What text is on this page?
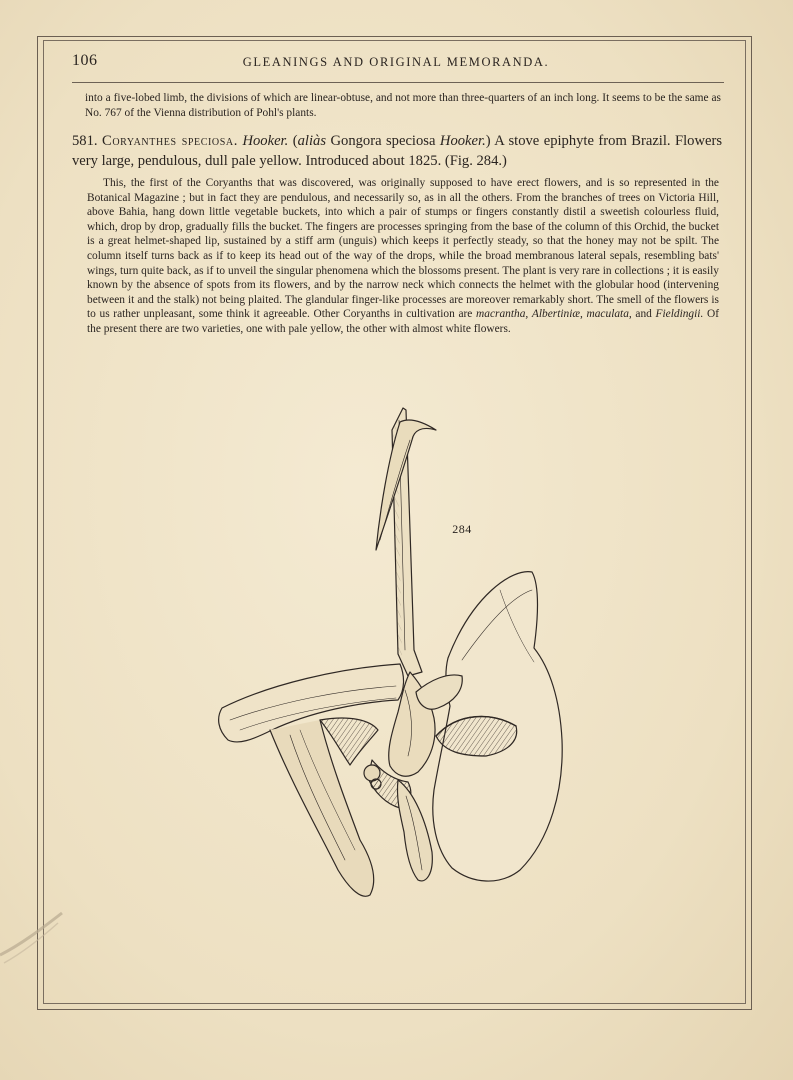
106	GLEANINGS AND ORIGINAL MEMORANDA.
into a five-lobed limb, the divisions of which are linear-obtuse, and not more than three-quarters of an inch long. It seems to be the same as No. 767 of the Vienna distribution of Pohl's plants.
581. Coryanthes speciosa. Hooker. (aliàs Gongora speciosa Hooker.) A stove epiphyte from Brazil. Flowers very large, pendulous, dull pale yellow. Introduced about 1825. (Fig. 284.)
This, the first of the Coryanths that was discovered, was originally supposed to have erect flowers, and is so represented in the Botanical Magazine ; but in fact they are pendulous, and necessarily so, as in all the others. From the branches of trees on Victoria Hill, above Bahia, hang down little vegetable buckets, into which a pair of stumps or fingers constantly distil a sweetish colourless fluid, which, drop by drop, gradually fills the bucket. The fingers are processes springing from the base of the column of this Orchid, the bucket is a great helmet-shaped lip, sustained by a stiff arm (unguis) which keeps it perfectly steady, so that the honey may not be spilt. The column itself turns back as if to keep its head out of the way of the drops, while the broad membranous lateral sepals, resembling bats' wings, turn quite back, as if to unveil the singular phenomena which the blossoms present. The plant is very rare in collections ; it is easily known by the absence of spots from its flowers, and by the narrow neck which connects the helmet with the globular hood (intervening between it and the stalk) not being plaited. The glandular finger-like processes are moreover remarkably short. The smell of the flowers is to us rather unpleasant, some think it agreeable. Other Coryanths in cultivation are macrantha, Albertiniæ, maculata, and Fieldingii. Of the present there are two varieties, one with pale yellow, the other with almost white flowers.
284
